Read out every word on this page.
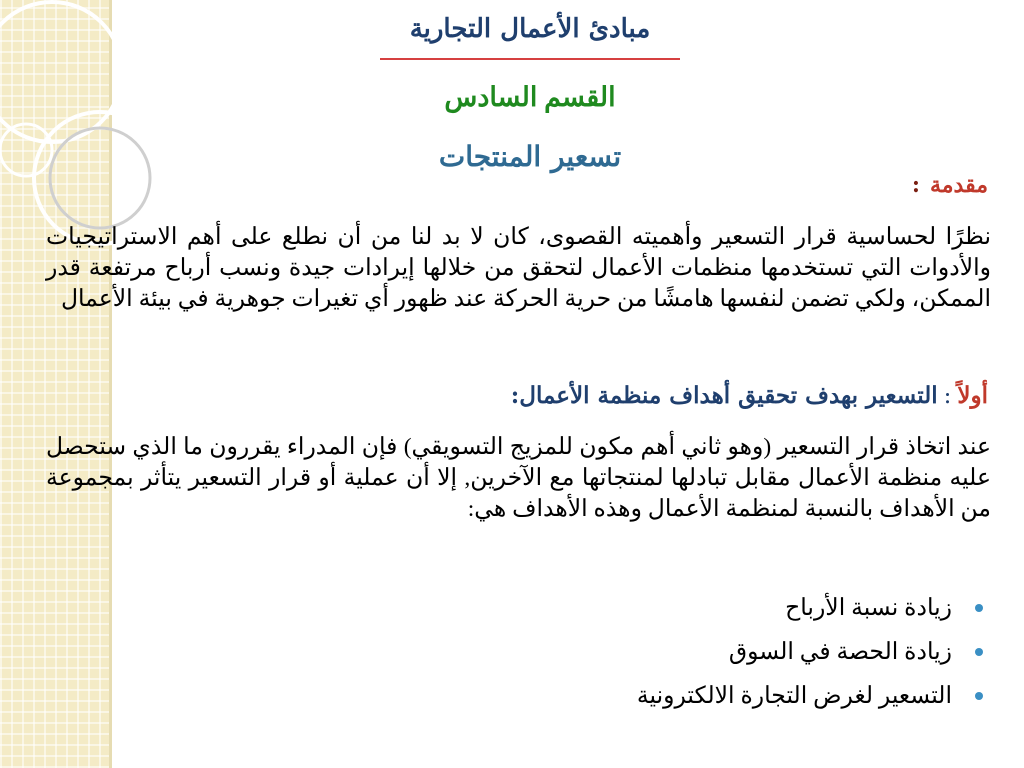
مبادئ الأعمال التجارية
القسم السادس
تسعير المنتجات
مقدمة:

نظرًا لحساسية قرار التسعير وأهميته القصوى، كان لا بد لنا من أن نطلع على أهم الاستراتيجيات والأدوات التي تستخدمها منظمات الأعمال لتحقق من خلالها إيرادات جيدة ونسب أرباح مرتفعة قدر الممكن، ولكي تضمن لنفسها هامشًا من حرية الحركة عند ظهور أي تغيرات جوهرية في بيئة الأعمال

أولاً:التسعير بهدف تحقيق أهداف منظمة الأعمال:

عند اتخاذ قرار التسعير (وهو ثاني أهم مكون للمزيج التسويقي) فإن المدراء يقررون ما الذي ستحصل عليه منظمة الأعمال مقابل تبادلها لمنتجاتها مع الآخرين, إلا أن عملية أو قرار التسعير يتأثر بمجموعة من الأهداف بالنسبة لمنظمة الأعمال وهذه الأهداف هي:

زيادة نسبة الأرباح
زيادة الحصة في السوق
التسعير لغرض التجارة الالكترونية
